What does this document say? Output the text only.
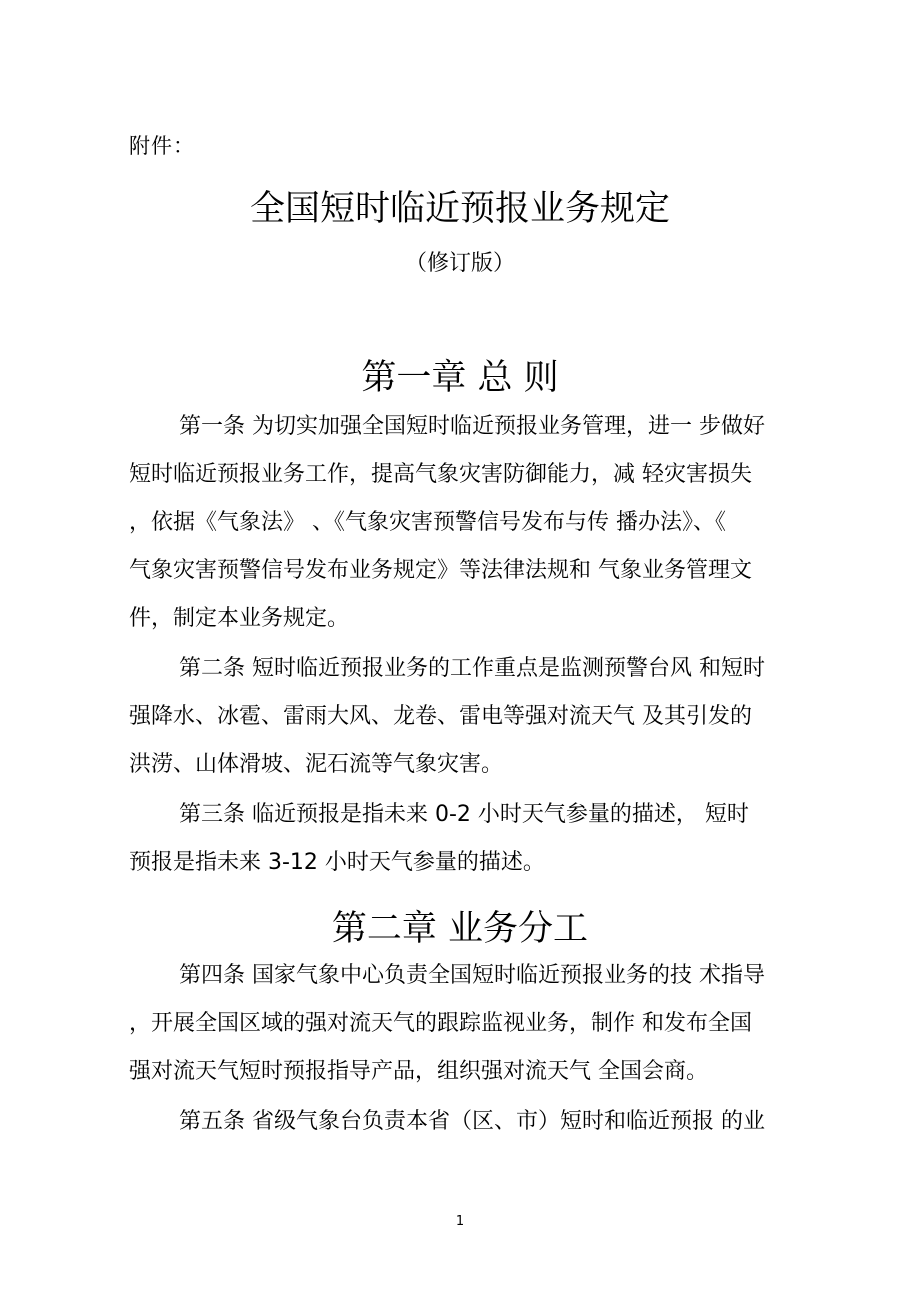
附件：
全国短时临近预报业务规定
（修订版）
第一章 总 则
第一条 为切实加强全国短时临近预报业务管理，进一 步做好
短时临近预报业务工作，提高气象灾害防御能力，减 轻灾害损失
，依据《气象法》 、《气象灾害预警信号发布与传 播办法》、《
气象灾害预警信号发布业务规定》等法律法规和 气象业务管理文
件，制定本业务规定。
第二条 短时临近预报业务的工作重点是监测预警台风 和短时
强降水、冰雹、雷雨大风、龙卷、雷电等强对流天气 及其引发的
洪涝、山体滑坡、泥石流等气象灾害。
第三条 临近预报是指未来 0-2 小时天气参量的描述， 短时
预报是指未来 3-12 小时天气参量的描述。
第二章 业务分工
第四条 国家气象中心负责全国短时临近预报业务的技 术指导
，开展全国区域的强对流天气的跟踪监视业务，制作 和发布全国
强对流天气短时预报指导产品，组织强对流天气 全国会商。
第五条 省级气象台负责本省（区、市）短时和临近预报 的业
1
